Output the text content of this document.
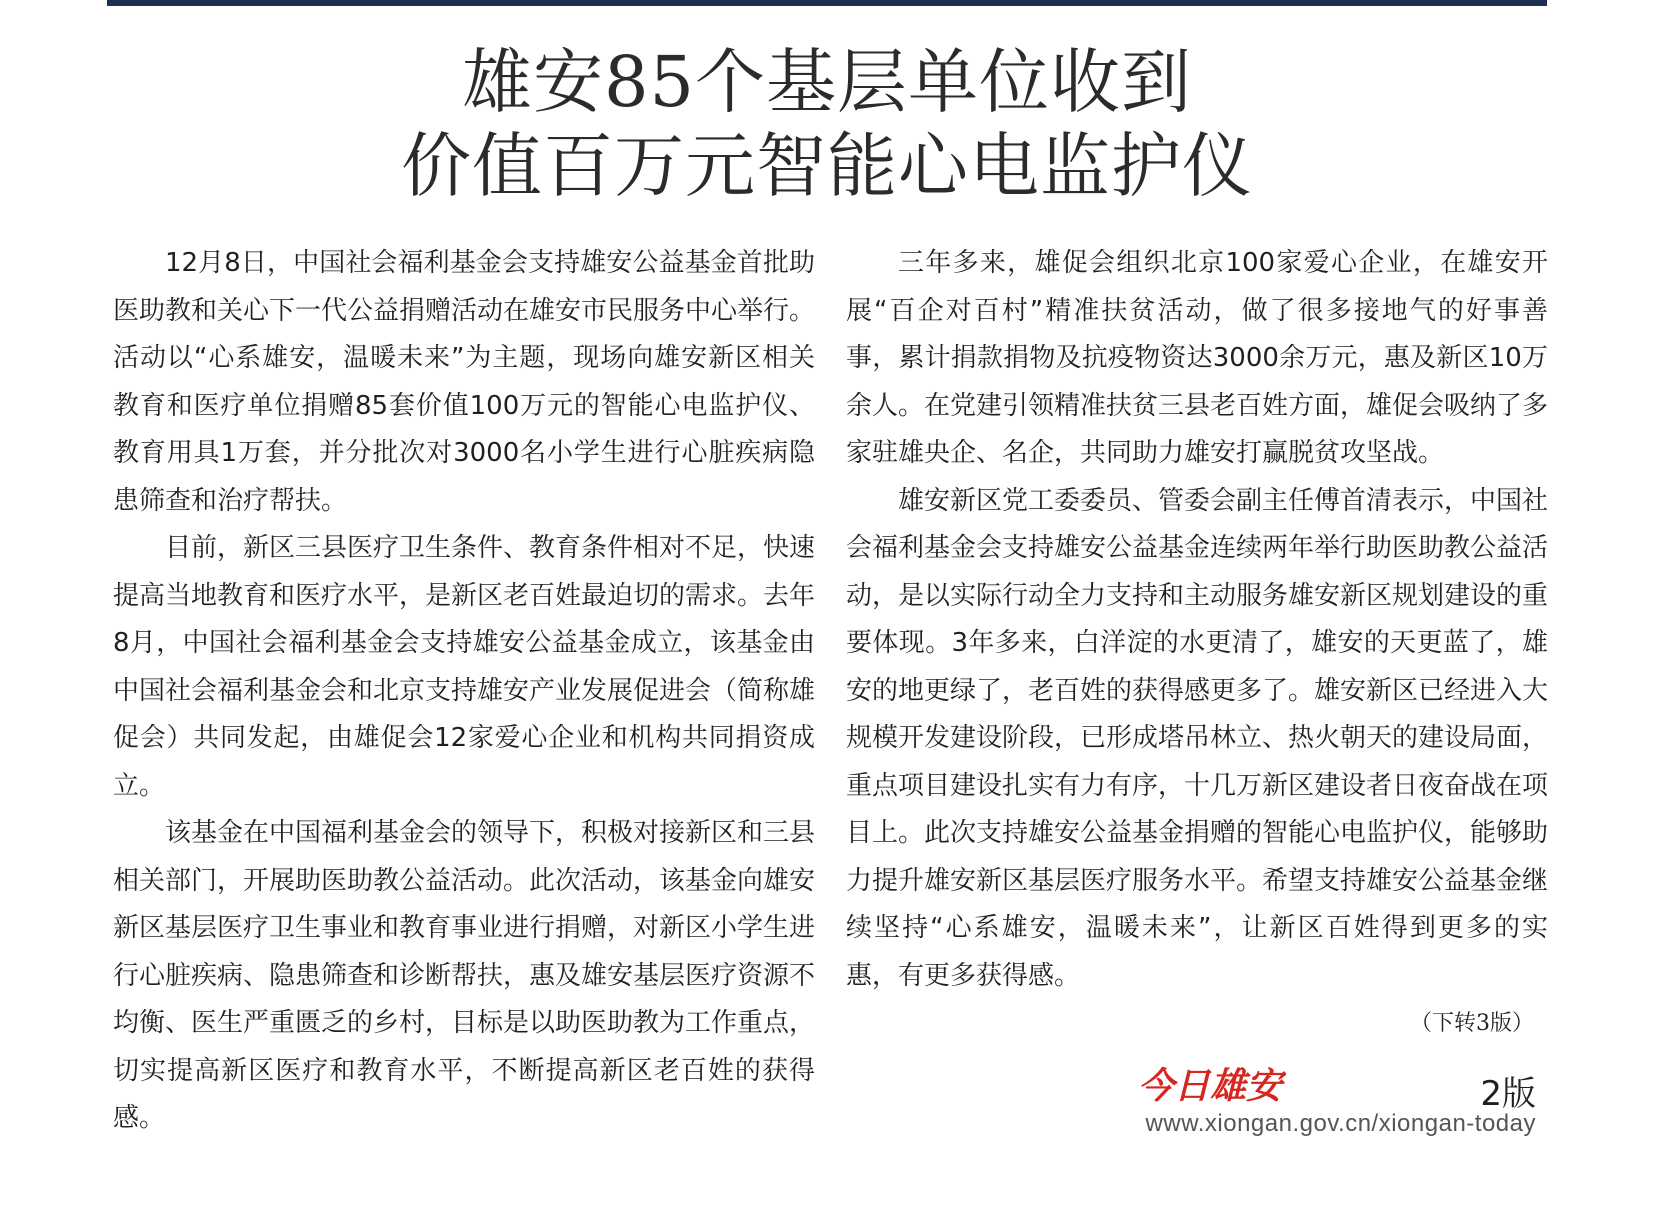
雄安85个基层单位收到
价值百万元智能心电监护仪

12月8日，中国社会福利基金会支持雄安公益基金首批助医助教和关心下一代公益捐赠活动在雄安市民服务中心举行。活动以“心系雄安，温暖未来”为主题，现场向雄安新区相关教育和医疗单位捐赠85套价值100万元的智能心电监护仪、教育用具1万套，并分批次对3000名小学生进行心脏疾病隐患筛查和治疗帮扶。

目前，新区三县医疗卫生条件、教育条件相对不足，快速提高当地教育和医疗水平，是新区老百姓最迫切的需求。去年8月，中国社会福利基金会支持雄安公益基金成立，该基金由中国社会福利基金会和北京支持雄安产业发展促进会（简称雄促会）共同发起，由雄促会12家爱心企业和机构共同捐资成立。

该基金在中国福利基金会的领导下，积极对接新区和三县相关部门，开展助医助教公益活动。此次活动，该基金向雄安新区基层医疗卫生事业和教育事业进行捐赠，对新区小学生进行心脏疾病、隐患筛查和诊断帮扶，惠及雄安基层医疗资源不均衡、医生严重匮乏的乡村，目标是以助医助教为工作重点，切实提高新区医疗和教育水平，不断提高新区老百姓的获得感。

三年多来，雄促会组织北京100家爱心企业，在雄安开展“百企对百村”精准扶贫活动，做了很多接地气的好事善事，累计捐款捐物及抗疫物资达3000余万元，惠及新区10万余人。在党建引领精准扶贫三县老百姓方面，雄促会吸纳了多家驻雄央企、名企，共同助力雄安打赢脱贫攻坚战。

雄安新区党工委委员、管委会副主任傅首清表示，中国社会福利基金会支持雄安公益基金连续两年举行助医助教公益活动，是以实际行动全力支持和主动服务雄安新区规划建设的重要体现。3年多来，白洋淀的水更清了，雄安的天更蓝了，雄安的地更绿了，老百姓的获得感更多了。雄安新区已经进入大规模开发建设阶段，已形成塔吊林立、热火朝天的建设局面，重点项目建设扎实有力有序，十几万新区建设者日夜奋战在项目上。此次支持雄安公益基金捐赠的智能心电监护仪，能够助力提升雄安新区基层医疗服务水平。希望支持雄安公益基金继续坚持“心系雄安，温暖未来”，让新区百姓得到更多的实惠，有更多获得感。

（下转3版）
今日雄安	2版
www.xiongan.gov.cn/xiongan-today
